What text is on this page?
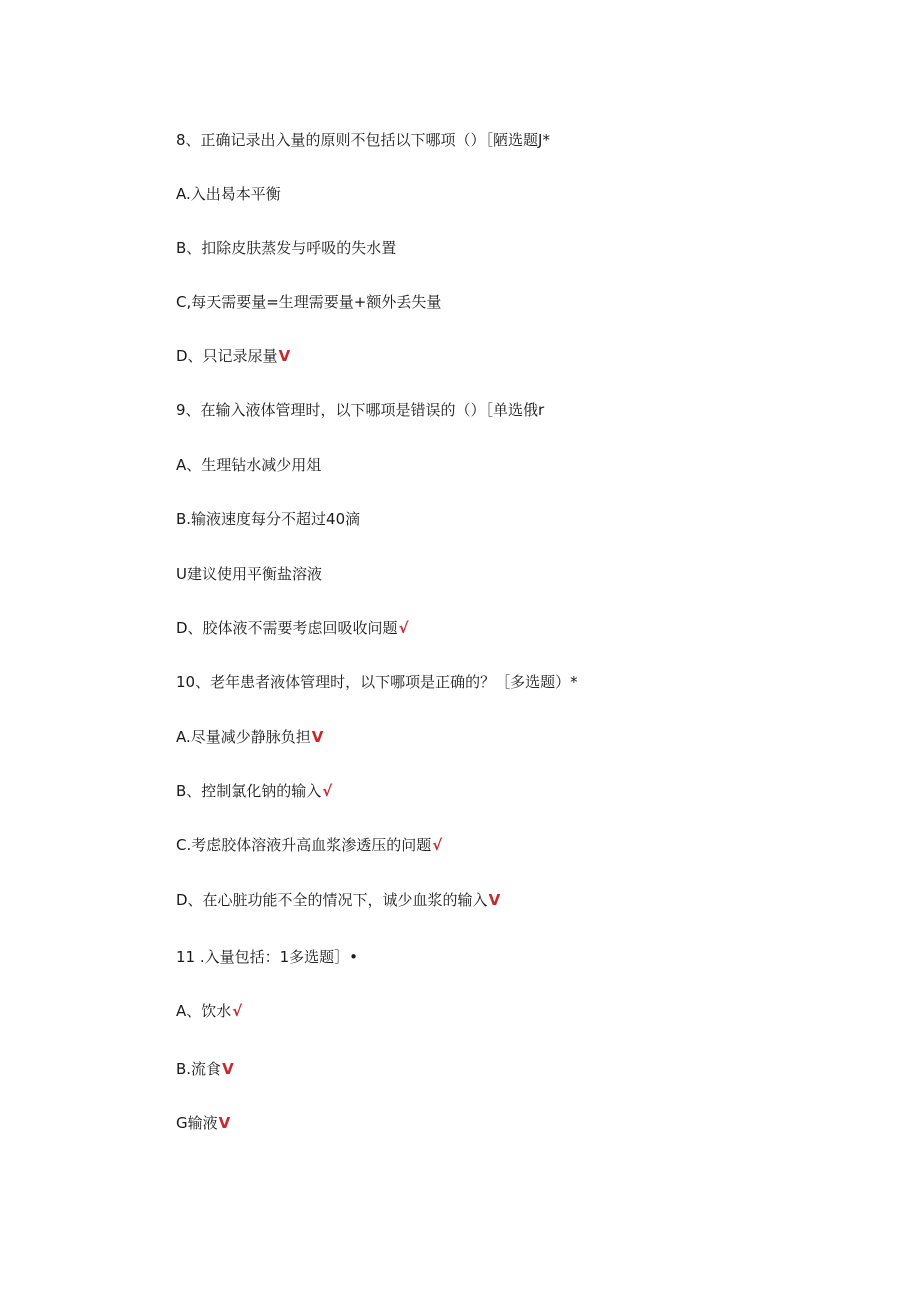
8、正确记录出入量的原则不包括以下哪项（）［陋选题J*
A.入出曷本平衡
B、扣除皮肤蒸发与呼吸的失水置
C,每天需要量=生理需要量+额外丢失量
D、只记录尿量V
9、在输入液体管理时，以下哪项是错误的（）［单选俄r
A、生理钻水减少用俎
B.输液速度每分不超过40滴
U建议使用平衡盐溶液
D、胶体液不需要考虑回吸收问题√
10、老年患者液体管理时，以下哪项是正确的？［多选题）*
A.尽量减少静脉负担V
B、控制氯化钠的输入√
C.考虑胶体溶液升高血浆渗透压的问题√
D、在心脏功能不全的情况下，诚少血浆的输入V
11 .入量包括：1多选题］•
A、饮水√
B.流食V
G输液V
